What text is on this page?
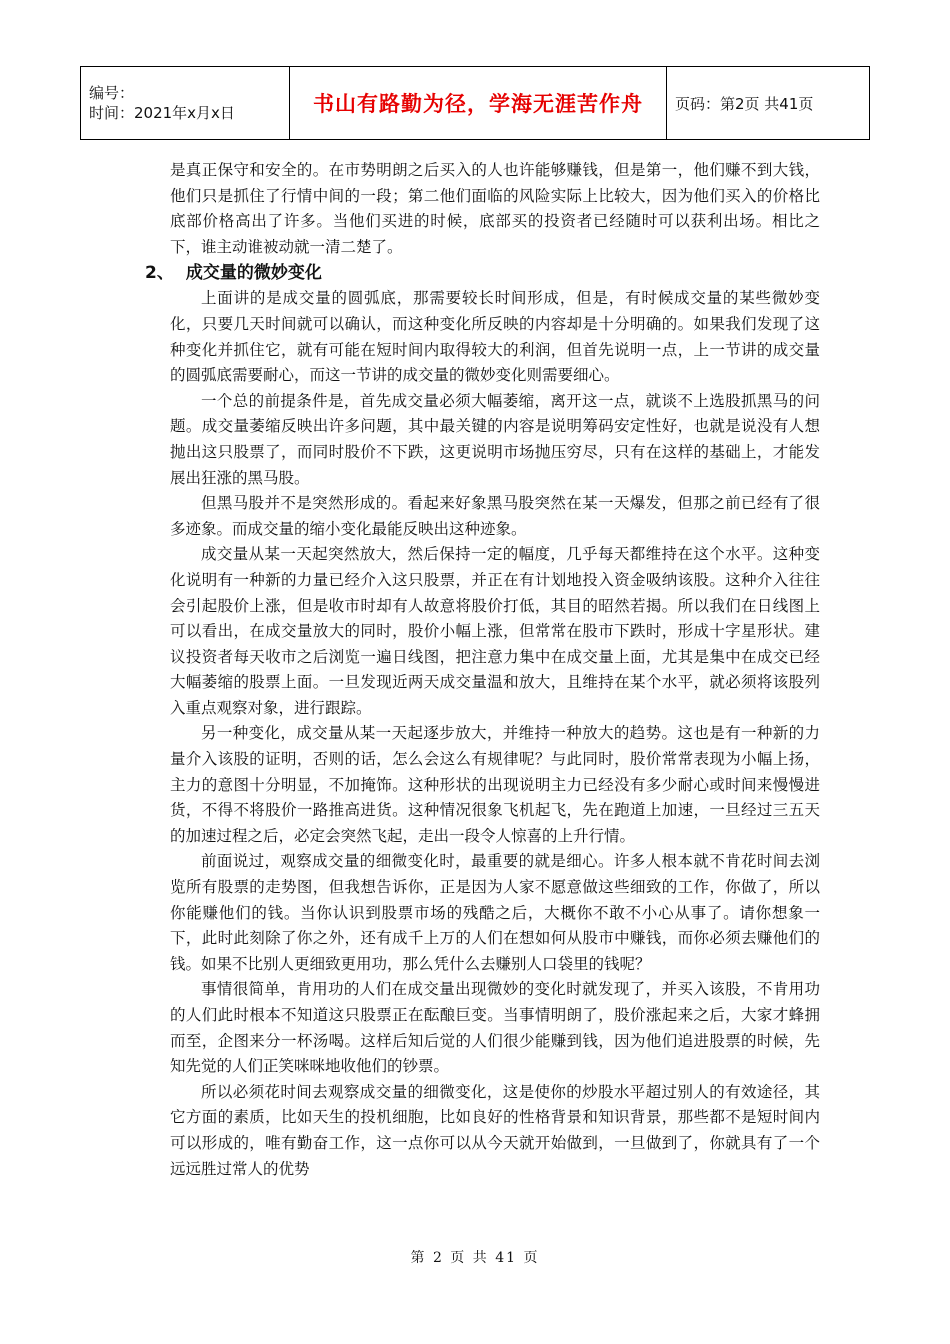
编号：
时间：2021年x月x日	书山有路勤为径，学海无涯苦作舟	页码：第2页 共41页

是真正保守和安全的。在市势明朗之后买入的人也许能够赚钱，但是第一，他们赚不到大钱，他们只是抓住了行情中间的一段；第二他们面临的风险实际上比较大，因为他们买入的价格比底部价格高出了许多。当他们买进的时候，底部买的投资者已经随时可以获利出场。相比之下，谁主动谁被动就一清二楚了。

2、 成交量的微妙变化

上面讲的是成交量的圆弧底，那需要较长时间形成，但是，有时候成交量的某些微妙变化，只要几天时间就可以确认，而这种变化所反映的内容却是十分明确的。如果我们发现了这种变化并抓住它，就有可能在短时间内取得较大的利润，但首先说明一点，上一节讲的成交量的圆弧底需要耐心，而这一节讲的成交量的微妙变化则需要细心。

一个总的前提条件是，首先成交量必须大幅萎缩，离开这一点，就谈不上选股抓黑马的问题。成交量萎缩反映出许多问题，其中最关键的内容是说明筹码安定性好，也就是说没有人想抛出这只股票了，而同时股价不下跌，这更说明市场抛压穷尽，只有在这样的基础上，才能发展出狂涨的黑马股。

但黑马股并不是突然形成的。看起来好象黑马股突然在某一天爆发，但那之前已经有了很多迹象。而成交量的缩小变化最能反映出这种迹象。

成交量从某一天起突然放大，然后保持一定的幅度，几乎每天都维持在这个水平。这种变化说明有一种新的力量已经介入这只股票，并正在有计划地投入资金吸纳该股。这种介入往往会引起股价上涨，但是收市时却有人故意将股价打低，其目的昭然若揭。所以我们在日线图上可以看出，在成交量放大的同时，股价小幅上涨，但常常在股市下跌时，形成十字星形状。建议投资者每天收市之后浏览一遍日线图，把注意力集中在成交量上面，尤其是集中在成交已经大幅萎缩的股票上面。一旦发现近两天成交量温和放大，且维持在某个水平，就必须将该股列入重点观察对象，进行跟踪。

另一种变化，成交量从某一天起逐步放大，并维持一种放大的趋势。这也是有一种新的力量介入该股的证明，否则的话，怎么会这么有规律呢？与此同时，股价常常表现为小幅上扬，主力的意图十分明显，不加掩饰。这种形状的出现说明主力已经没有多少耐心或时间来慢慢进货，不得不将股价一路推高进货。这种情况很象飞机起飞，先在跑道上加速，一旦经过三五天的加速过程之后，必定会突然飞起，走出一段令人惊喜的上升行情。

前面说过，观察成交量的细微变化时，最重要的就是细心。许多人根本就不肯花时间去浏览所有股票的走势图，但我想告诉你，正是因为人家不愿意做这些细致的工作，你做了，所以你能赚他们的钱。当你认识到股票市场的残酷之后，大概你不敢不小心从事了。请你想象一下，此时此刻除了你之外，还有成千上万的人们在想如何从股市中赚钱，而你必须去赚他们的钱。如果不比别人更细致更用功，那么凭什么去赚别人口袋里的钱呢？

事情很简单，肯用功的人们在成交量出现微妙的变化时就发现了，并买入该股，不肯用功的人们此时根本不知道这只股票正在酝酿巨变。当事情明朗了，股价涨起来之后，大家才蜂拥而至，企图来分一杯汤喝。这样后知后觉的人们很少能赚到钱，因为他们追进股票的时候，先知先觉的人们正笑咪咪地收他们的钞票。

所以必须花时间去观察成交量的细微变化，这是使你的炒股水平超过别人的有效途径，其它方面的素质，比如天生的投机细胞，比如良好的性格背景和知识背景，那些都不是短时间内可以形成的，唯有勤奋工作，这一点你可以从今天就开始做到，一旦做到了，你就具有了一个远远胜过常人的优势

第 2 页 共 41 页
